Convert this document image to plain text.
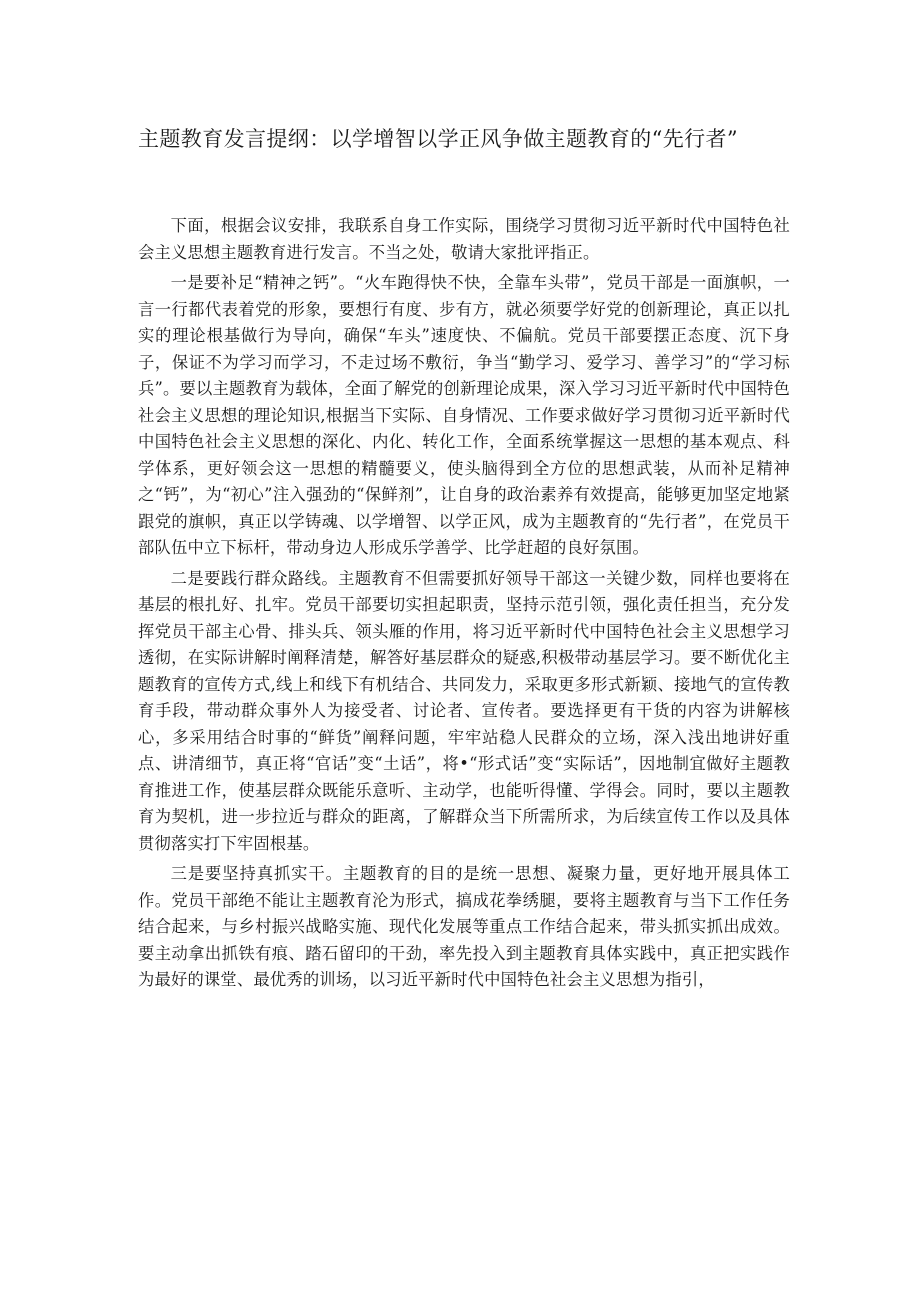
主题教育发言提纲：以学增智以学正风争做主题教育的“先行者”

下面，根据会议安排，我联系自身工作实际，围绕学习贯彻习近平新时代中国特色社会主义思想主题教育进行发言。不当之处，敬请大家批评指正。

一是要补足“精神之钙”。“火车跑得快不快，全靠车头带”，党员干部是一面旗帜，一言一行都代表着党的形象，要想行有度、步有方，就必须要学好党的创新理论，真正以扎实的理论根基做行为导向，确保“车头”速度快、不偏航。党员干部要摆正态度、沉下身子，保证不为学习而学习，不走过场不敷衍，争当“勤学习、爱学习、善学习”的“学习标兵”。要以主题教育为载体，全面了解党的创新理论成果，深入学习习近平新时代中国特色社会主义思想的理论知识,根据当下实际、自身情况、工作要求做好学习贯彻习近平新时代中国特色社会主义思想的深化、内化、转化工作，全面系统掌握这一思想的基本观点、科学体系，更好领会这一思想的精髓要义，使头脑得到全方位的思想武装，从而补足精神之“钙”，为“初心”注入强劲的“保鲜剂”，让自身的政治素养有效提高，能够更加坚定地紧跟党的旗帜，真正以学铸魂、以学增智、以学正风，成为主题教育的“先行者”，在党员干部队伍中立下标杆，带动身边人形成乐学善学、比学赶超的良好氛围。

二是要践行群众路线。主题教育不但需要抓好领导干部这一关键少数，同样也要将在基层的根扎好、扎牢。党员干部要切实担起职责，坚持示范引领，强化责任担当，充分发挥党员干部主心骨、排头兵、领头雁的作用，将习近平新时代中国特色社会主义思想学习透彻，在实际讲解时阐释清楚，解答好基层群众的疑惑,积极带动基层学习。要不断优化主题教育的宣传方式,线上和线下有机结合、共同发力，采取更多形式新颖、接地气的宣传教育手段，带动群众事外人为接受者、讨论者、宣传者。要选择更有干货的内容为讲解核心，多采用结合时事的“鲜货”阐释问题，牢牢站稳人民群众的立场，深入浅出地讲好重点、讲清细节，真正将“官话”变“土话”，将•“形式话”变“实际话”，因地制宜做好主题教育推进工作，使基层群众既能乐意听、主动学，也能听得懂、学得会。同时，要以主题教育为契机，进一步拉近与群众的距离，了解群众当下所需所求，为后续宣传工作以及具体贯彻落实打下牢固根基。

三是要坚持真抓实干。主题教育的目的是统一思想、凝聚力量，更好地开展具体工作。党员干部绝不能让主题教育沦为形式，搞成花拳绣腿，要将主题教育与当下工作任务结合起来，与乡村振兴战略实施、现代化发展等重点工作结合起来，带头抓实抓出成效。要主动拿出抓铁有痕、踏石留印的干劲，率先投入到主题教育具体实践中，真正把实践作为最好的课堂、最优秀的训场，以习近平新时代中国特色社会主义思想为指引，
